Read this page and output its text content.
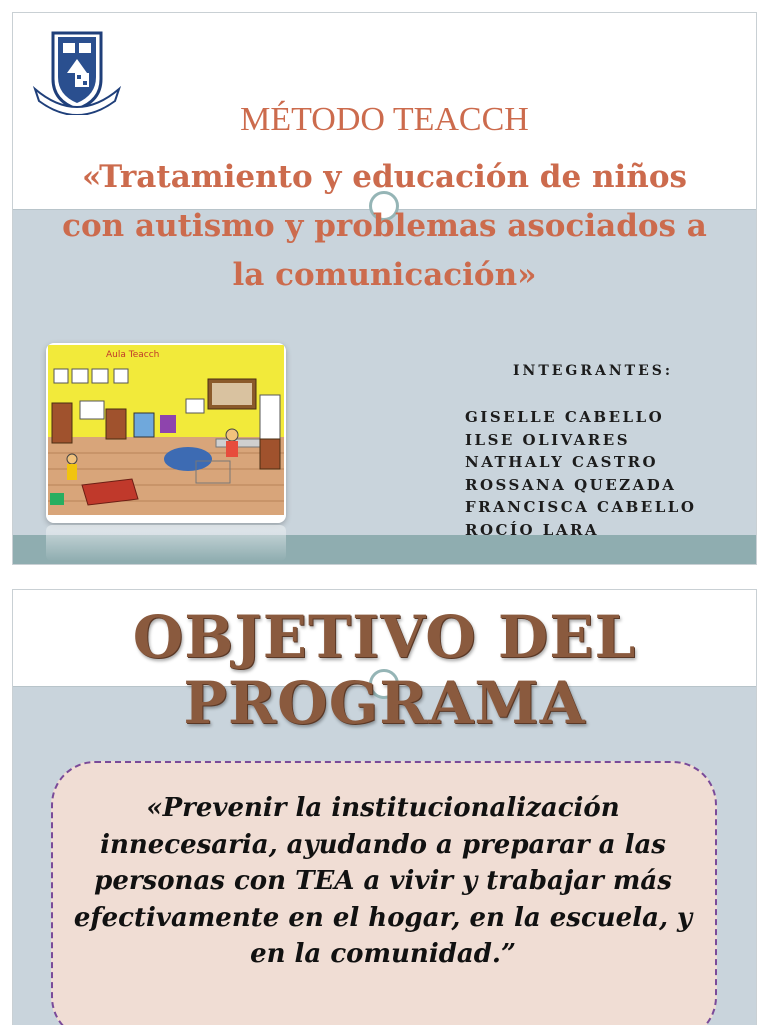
MÉTODO TEACCH
«Tratamiento y educación de niños con autismo y problemas asociados a la comunicación»
Aula Teacch
INTEGRANTES:
GISELLE CABELLO
ILSE OLIVARES
NATHALY CASTRO
ROSSANA QUEZADA
FRANCISCA CABELLO
ROCÍO LARA
OBJETIVO DEL
PROGRAMA
«Prevenir la institucionalización innecesaria, ayudando a preparar a las personas con TEA a vivir y trabajar más efectivamente en el hogar, en la escuela, y en la comunidad.”
